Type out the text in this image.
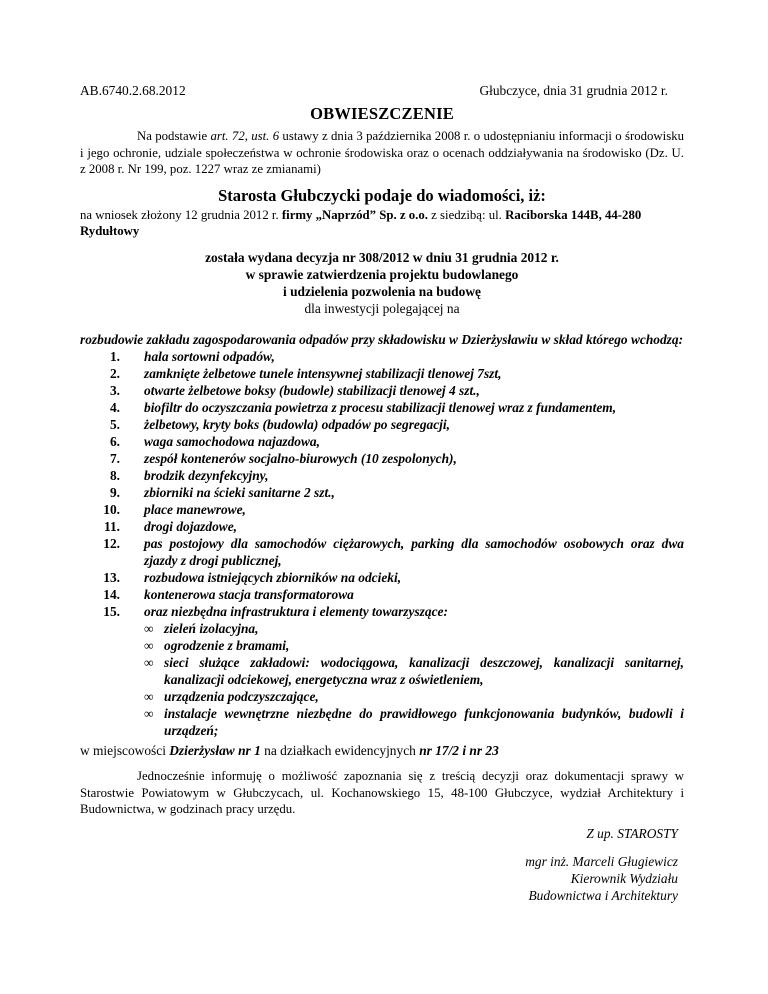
AB.6740.2.68.2012	Głubczyce, dnia 31 grudnia 2012 r.
OBWIESZCZENIE
Na podstawie art. 72, ust. 6 ustawy z dnia 3 października 2008 r. o udostępnianiu informacji o środowisku i jego ochronie, udziale społeczeństwa w ochronie środowiska oraz o ocenach oddziaływania na środowisko (Dz. U. z 2008 r. Nr 199, poz. 1227 wraz ze zmianami)
Starosta Głubczycki podaje do wiadomości, iż:
na wniosek złożony 12 grudnia 2012 r. firmy „Naprzód” Sp. z o.o. z siedzibą: ul. Raciborska 144B, 44-280 Rydułtowy
została wydana decyzja nr 308/2012 w dniu 31 grudnia 2012 r.
w sprawie zatwierdzenia projektu budowlanego
i udzielenia pozwolenia na budowę
dla inwestycji polegającej na
rozbudowie zakładu zagospodarowania odpadów przy składowisku w Dzierżysławiu w skład którego wchodzą:
1. hala sortowni odpadów,
2. zamknięte żelbetowe tunele intensywnej stabilizacji tlenowej 7szt,
3. otwarte żelbetowe boksy (budowle) stabilizacji tlenowej 4 szt.,
4. biofiltr do oczyszczania powietrza z procesu stabilizacji tlenowej wraz z fundamentem,
5. żelbetowy, kryty boks (budowla) odpadów po segregacji,
6. waga samochodowa najazdowa,
7. zespół kontenerów socjalno-biurowych (10 zespolonych),
8. brodzik dezynfekcyjny,
9. zbiorniki na ścieki sanitarne 2 szt.,
10. place manewrowe,
11. drogi dojazdowe,
12. pas postojowy dla samochodów ciężarowych, parking dla samochodów osobowych oraz dwa zjazdy z drogi publicznej,
13. rozbudowa istniejących zbiorników na odcieki,
14. kontenerowa stacja transformatorowa
15. oraz niezbędna infrastruktura i elementy towarzyszące:
∞ zieleń izolacyjna,
∞ ogrodzenie z bramami,
∞ sieci służące zakładowi: wodociągowa, kanalizacji deszczowej, kanalizacji sanitarnej, kanalizacji odciekowej, energetyczna wraz z oświetleniem,
∞ urządzenia podczyszczające,
∞ instalacje wewnętrzne niezbędne do prawidłowego funkcjonowania budynków, budowli i urządzeń;
w miejscowości Dzierżysław nr 1 na działkach ewidencyjnych nr 17/2 i nr 23
Jednocześnie informuję o możliwość zapoznania się z treścią decyzji oraz dokumentacji sprawy w Starostwie Powiatowym w Głubczycach, ul. Kochanowskiego 15, 48-100 Głubczyce, wydział Architektury i Budownictwa, w godzinach pracy urzędu.
Z up. STAROSTY
mgr inż. Marceli Gługiewicz
Kierownik Wydziału
Budownictwa i Architektury
